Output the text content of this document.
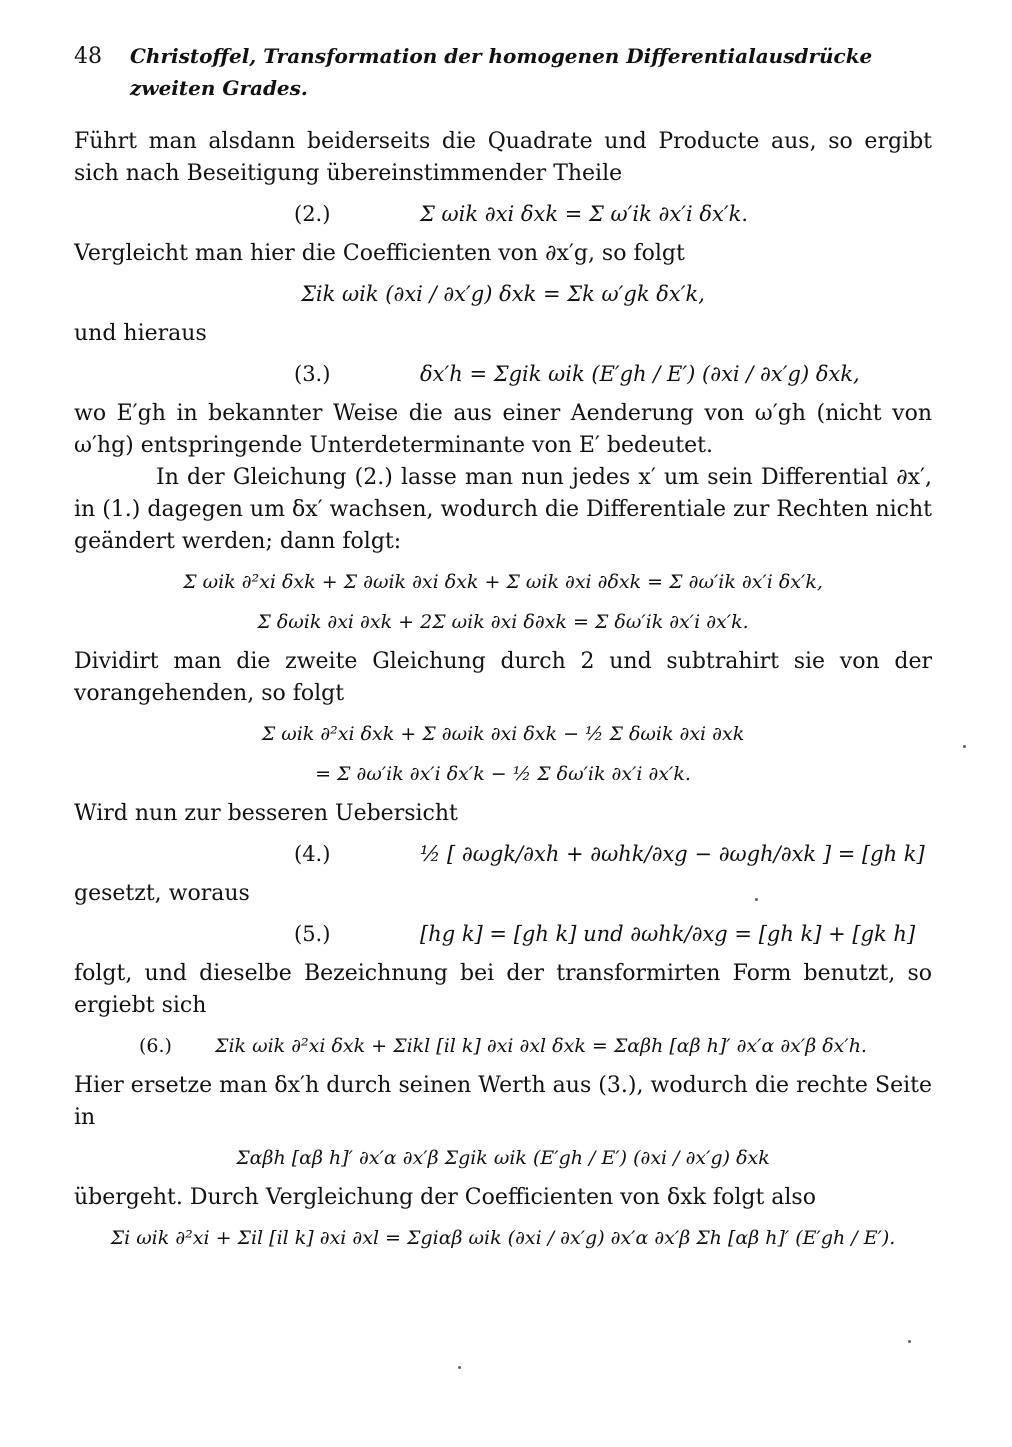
48 Christoffel, Transformation der homogenen Differentialausdrücke zweiten Grades.

Führt man alsdann beiderseits die Quadrate und Producte aus, so ergibt sich nach Beseitigung übereinstimmender Theile

(2.)	Σ ωik ∂xi δxk = Σ ω′ik ∂x′i δx′k.

Vergleicht man hier die Coefficienten von ∂x′g, so folgt

Σik ωik (∂xi / ∂x′g) δxk = Σk ω′gk δx′k,

und hieraus

(3.)	δx′h = Σgik ωik (E′gh / E′) (∂xi / ∂x′g) δxk,

wo E′gh in bekannter Weise die aus einer Aenderung von ω′gh (nicht von ω′hg) entspringende Unterdeterminante von E′ bedeutet.

In der Gleichung (2.) lasse man nun jedes x′ um sein Differential ∂x′, in (1.) dagegen um δx′ wachsen, wodurch die Differentiale zur Rechten nicht geändert werden; dann folgt:

Σ ωik ∂²xi δxk + Σ ∂ωik ∂xi δxk + Σ ωik ∂xi ∂δxk = Σ ∂ω′ik ∂x′i δx′k,
Σ δωik ∂xi ∂xk + 2Σ ωik ∂xi δ∂xk = Σ δω′ik ∂x′i ∂x′k.

Dividirt man die zweite Gleichung durch 2 und subtrahirt sie von der vorangehenden, so folgt

Σ ωik ∂²xi δxk + Σ ∂ωik ∂xi δxk − ½ Σ δωik ∂xi ∂xk
= Σ ∂ω′ik ∂x′i δx′k − ½ Σ δω′ik ∂x′i ∂x′k.

Wird nun zur besseren Uebersicht

(4.)	½ [ ∂ωgk/∂xh + ∂ωhk/∂xg − ∂ωgh/∂xk ] = [gh k]

gesetzt, woraus

(5.)	[hg k] = [gh k] und ∂ωhk/∂xg = [gh k] + [gk h]

folgt, und dieselbe Bezeichnung bei der transformirten Form benutzt, so ergiebt sich

(6.)	Σik ωik ∂²xi δxk + Σikl [il k] ∂xi ∂xl δxk = Σαβh [αβ h]′ ∂x′α ∂x′β δx′h.

Hier ersetze man δx′h durch seinen Werth aus (3.), wodurch die rechte Seite in

Σαβh [αβ h]′ ∂x′α ∂x′β Σgik ωik (E′gh / E′) (∂xi / ∂x′g) δxk

übergeht. Durch Vergleichung der Coefficienten von δxk folgt also

Σi ωik ∂²xi + Σil [il k] ∂xi ∂xl = Σgiαβ ωik (∂xi / ∂x′g) ∂x′α ∂x′β Σh [αβ h]′ (E′gh / E′).
